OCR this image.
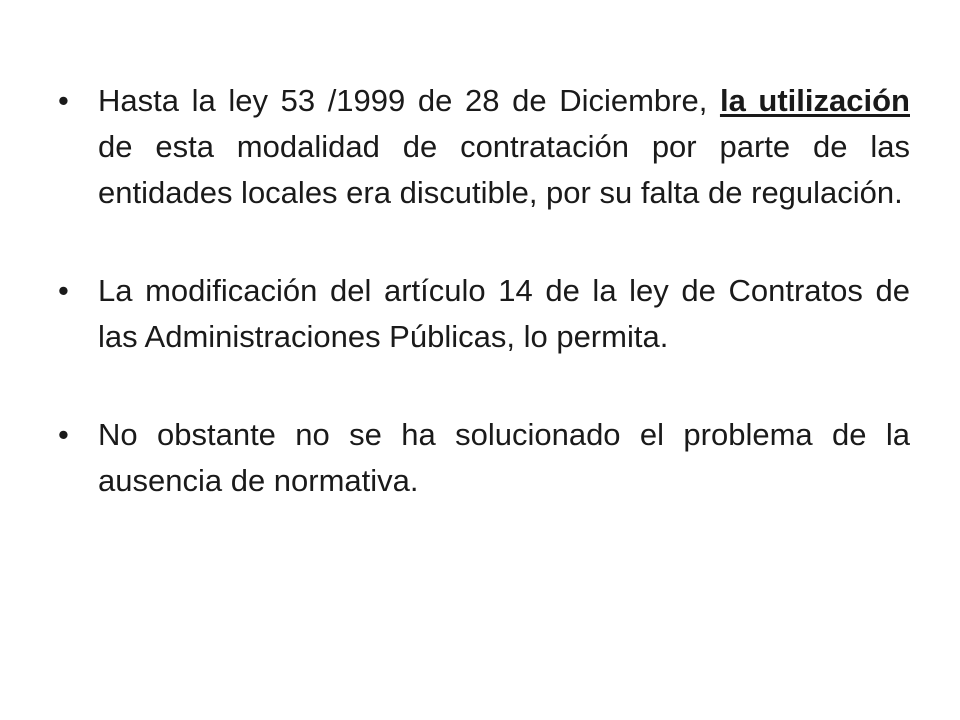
• Hasta la ley 53 /1999 de 28 de Diciembre, la utilización de esta modalidad de contratación por parte de las entidades locales era discutible, por su falta de regulación.
• La modificación del artículo 14 de la ley de Contratos de las Administraciones Públicas, lo permita.
• No obstante no se ha solucionado el problema de la ausencia de normativa.
